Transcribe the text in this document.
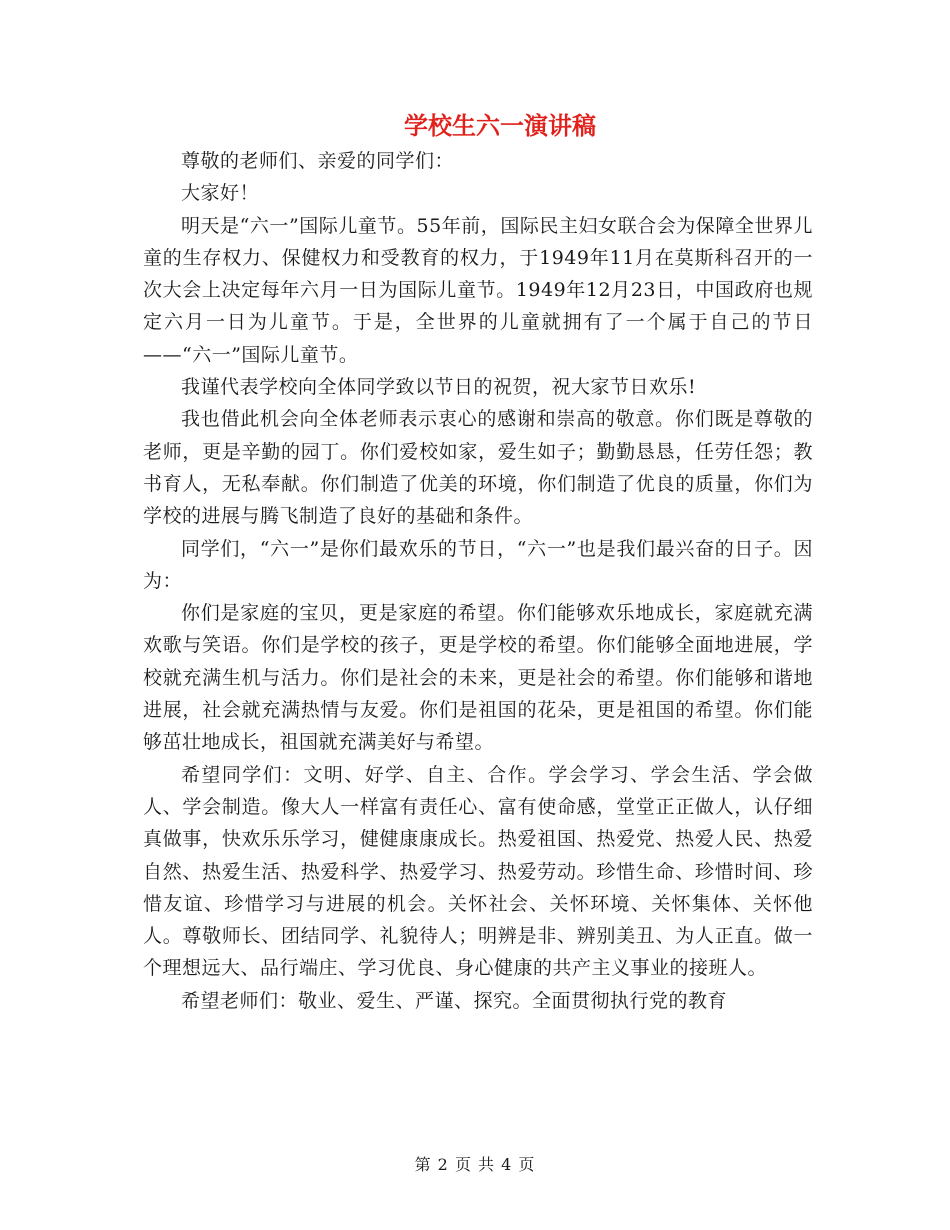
学校生六一演讲稿

尊敬的老师们、亲爱的同学们：

大家好！

明天是“六一”国际儿童节。55年前，国际民主妇女联合会为保障全世界儿童的生存权力、保健权力和受教育的权力，于1949年11月在莫斯科召开的一次大会上决定每年六月一日为国际儿童节。1949年12月23日，中国政府也规定六月一日为儿童节。于是，全世界的儿童就拥有了一个属于自己的节日——“六一”国际儿童节。

我谨代表学校向全体同学致以节日的祝贺，祝大家节日欢乐!

我也借此机会向全体老师表示衷心的感谢和崇高的敬意。你们既是尊敬的老师，更是辛勤的园丁。你们爱校如家，爱生如子；勤勤恳恳，任劳任怨；教书育人，无私奉献。你们制造了优美的环境，你们制造了优良的质量，你们为学校的进展与腾飞制造了良好的基础和条件。

同学们，“六一”是你们最欢乐的节日，“六一”也是我们最兴奋的日子。因为：

你们是家庭的宝贝，更是家庭的希望。你们能够欢乐地成长，家庭就充满欢歌与笑语。你们是学校的孩子，更是学校的希望。你们能够全面地进展，学校就充满生机与活力。你们是社会的未来，更是社会的希望。你们能够和谐地进展，社会就充满热情与友爱。你们是祖国的花朵，更是祖国的希望。你们能够茁壮地成长，祖国就充满美好与希望。

希望同学们：文明、好学、自主、合作。学会学习、学会生活、学会做人、学会制造。像大人一样富有责任心、富有使命感，堂堂正正做人，认仔细真做事，快欢乐乐学习，健健康康成长。热爱祖国、热爱党、热爱人民、热爱自然、热爱生活、热爱科学、热爱学习、热爱劳动。珍惜生命、珍惜时间、珍惜友谊、珍惜学习与进展的机会。关怀社会、关怀环境、关怀集体、关怀他人。尊敬师长、团结同学、礼貌待人；明辨是非、辨别美丑、为人正直。做一个理想远大、品行端庄、学习优良、身心健康的共产主义事业的接班人。

希望老师们：敬业、爱生、严谨、探究。全面贯彻执行党的教育

第 2 页 共 4 页
